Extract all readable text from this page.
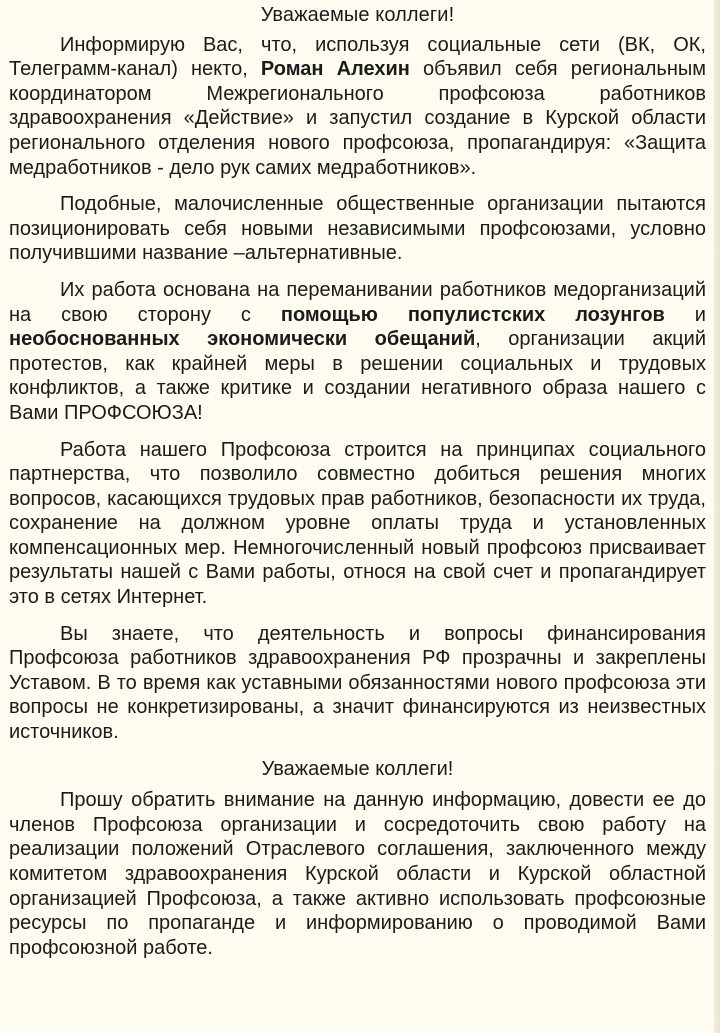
Уважаемые коллеги!

Информирую Вас, что, используя социальные сети (ВК, ОК, Телеграмм-канал) некто, Роман Алехин объявил себя региональным координатором Межрегионального профсоюза работников здравоохранения «Действие» и запустил создание в Курской области регионального отделения нового профсоюза, пропагандируя: «Защита медработников - дело рук самих медработников».

Подобные, малочисленные общественные организации пытаются позиционировать себя новыми независимыми профсоюзами, условно получившими название –альтернативные.

Их работа основана на переманивании работников медорганизаций на свою сторону с помощью популистских лозунгов и необоснованных экономически обещаний, организации акций протестов, как крайней меры в решении социальных и трудовых конфликтов, а также критике и создании негативного образа нашего с Вами ПРОФСОЮЗА!

Работа нашего Профсоюза строится на принципах социального партнерства, что позволило совместно добиться решения многих вопросов, касающихся трудовых прав работников, безопасности их труда, сохранение на должном уровне оплаты труда и установленных компенсационных мер. Немногочисленный новый профсоюз присваивает результаты нашей с Вами работы, относя на свой счет и пропагандирует это в сетях Интернет.

Вы знаете, что деятельность и вопросы финансирования Профсоюза работников здравоохранения РФ прозрачны и закреплены Уставом. В то время как уставными обязанностями нового профсоюза эти вопросы не конкретизированы, а значит финансируются из неизвестных источников.

Уважаемые коллеги!

Прошу обратить внимание на данную информацию, довести ее до членов Профсоюза организации и сосредоточить свою работу на реализации положений Отраслевого соглашения, заключенного между комитетом здравоохранения Курской области и Курской областной организацией Профсоюза, а также активно использовать профсоюзные ресурсы по пропаганде и информированию о проводимой Вами профсоюзной работе.
